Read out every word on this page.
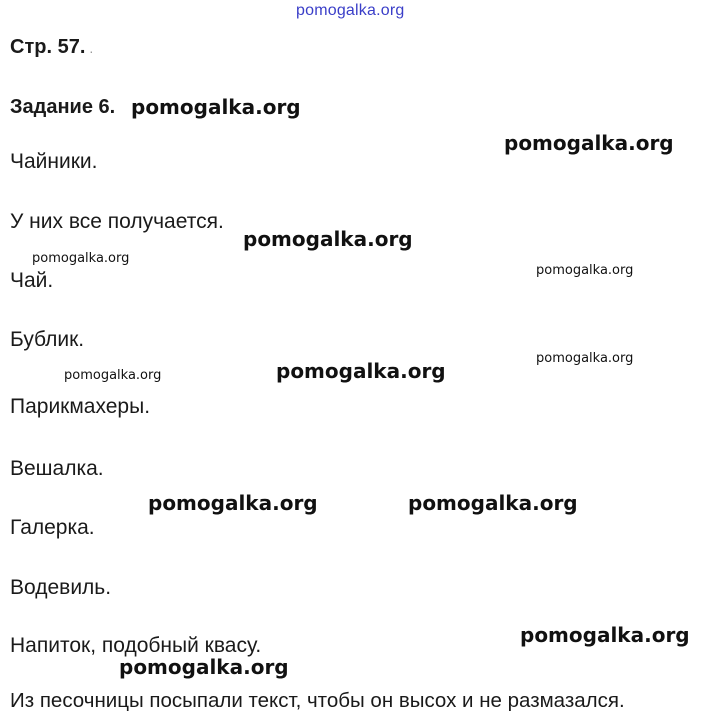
pomogalka.org
Стр. 57. .
Задание 6.
Чайники.
У них все получается.
Чай.
Бублик.
Парикмахеры.
Вешалка.
Галерка.
Водевиль.
Напиток, подобный квасу.
Из песочницы посыпали текст, чтобы он высох и не размазался.
pomogalka.org
pomogalka.org
pomogalka.org
pomogalka.org
pomogalka.org
pomogalka.org
pomogalka.org
pomogalka.org
pomogalka.org	pomogalka.org
pomogalka.org
pomogalka.org
